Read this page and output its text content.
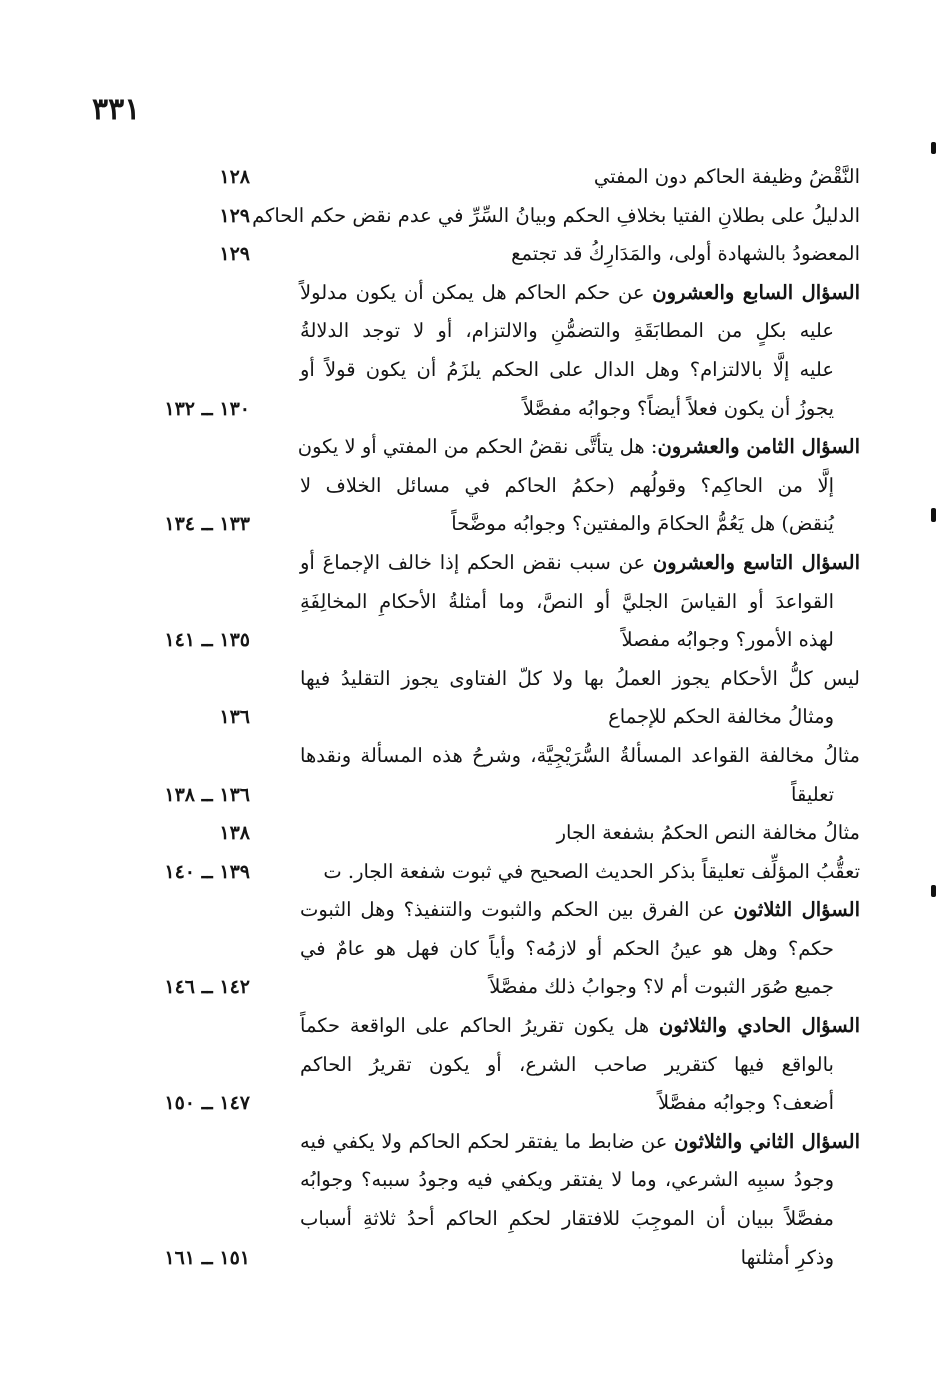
٣٣١
النَّقْضُ وظيفة الحاكم دون المفتي
١٢٨
الدليلُ على بطلانِ الفتيا بخلافِ الحكم وبيانُ السِّرِّ في عدم نقض حكم الحاكم
١٢٩
المعضودُ بالشهادة أولى، والمَدَارِكُ قد تجتمع
١٢٩
السؤال السابع والعشرون عن حكم الحاكم هل يمكن أن يكون مدلولاً
عليه بكلٍ من المطابَقَةِ والتضمُّنِ والالتزام، أو لا توجد الدلالةُ
عليه إلَّا بالالتزام؟ وهل الدال على الحكم يلزَمُ أن يكون قولاً أو
يجوزُ أن يكون فعلاً أيضاً؟ وجوابُه مفصَّلاً
١٣٠ ــ ١٣٢
السؤال الثامن والعشرون: هل يتأتَّى نقضُ الحكم من المفتي أو لا يكون
إلَّا من الحاكِم؟ وقولُهم (حكمُ الحاكم في مسائل الخلاف لا
يُنقض) هل يَعُمُّ الحكامَ والمفتين؟ وجوابُه موضَّحاً
١٣٣ ــ ١٣٤
السؤال التاسع والعشرون عن سبب نقض الحكم إذا خالف الإجماعَ أو
القواعدَ أو القياسَ الجليَّ أو النصَّ، وما أمثلةُ الأحكامِ المخالِفَةِ
لهذه الأمور؟ وجوابُه مفصلاً
١٣٥ ــ ١٤١
ليس كلُّ الأحكام يجوز العملُ بها ولا كلّ الفتاوى يجوز التقليدُ فيها
ومثالُ مخالفة الحكم للإجماع
١٣٦
مثالُ مخالفة القواعد المسألةُ السُّرَيْجِيَّة، وشرحُ هذه المسألة ونقدها
تعليقاً
١٣٦ ــ ١٣٨
مثالُ مخالفة النص الحكمُ بشفعة الجار
١٣٨
تعقُّبُ المؤلِّف تعليقاً بذكر الحديث الصحيح في ثبوت شفعة الجار. ت
١٣٩ ــ ١٤٠
السؤال الثلاثون عن الفرق بين الحكم والثبوت والتنفيذ؟ وهل الثبوت
حكم؟ وهل هو عينُ الحكم أو لازمُه؟ وأياً كان فهل هو عامٌ في
جميع صُوَر الثبوت أم لا؟ وجوابُ ذلك مفصَّلاً
١٤٢ ــ ١٤٦
السؤال الحادي والثلاثون هل يكون تقريرُ الحاكم على الواقعة حكماً
بالواقع فيها كتقرير صاحب الشرع، أو يكون تقريرُ الحاكم
أضعف؟ وجوابُه مفصَّلاً
١٤٧ ــ ١٥٠
السؤال الثاني والثلاثون عن ضابط ما يفتقر لحكم الحاكم ولا يكفي فيه
وجودُ سببِه الشرعي، وما لا يفتقر ويكفي فيه وجودُ سببه؟ وجوابُه
مفصَّلاً ببيان أن الموجِبَ للافتقار لحكمِ الحاكم أحدُ ثلاثةِ أسباب
وذكرِ أمثلتها
١٥١ ــ ١٦١
